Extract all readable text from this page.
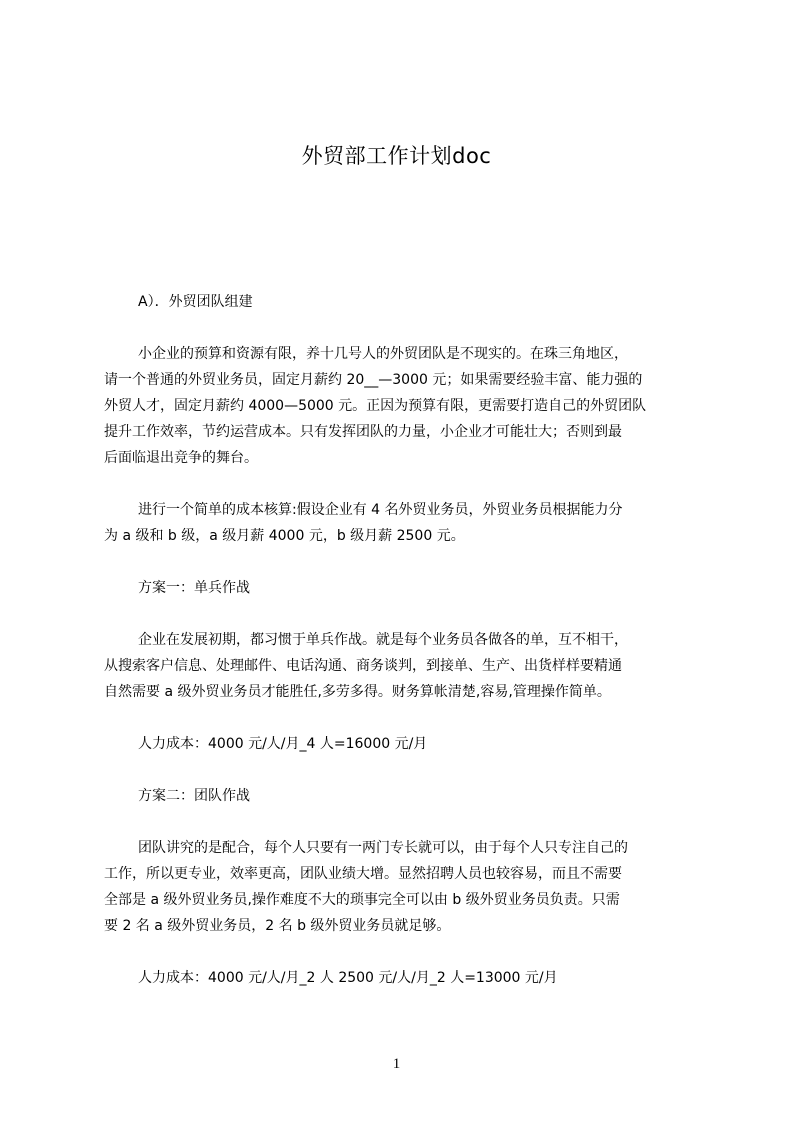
外贸部工作计划doc
A）．外贸团队组建
小企业的预算和资源有限，养十几号人的外贸团队是不现实的。在珠三角地区，
请一个普通的外贸业务员，固定月薪约 20__—3000 元；如果需要经验丰富、能力强的
外贸人才，固定月薪约 4000—5000 元。正因为预算有限，更需要打造自己的外贸团队
提升工作效率，节约运营成本。只有发挥团队的力量，小企业才可能壮大；否则到最
后面临退出竞争的舞台。
进行一个简单的成本核算:假设企业有 4 名外贸业务员，外贸业务员根据能力分
为 a 级和 b 级，a 级月薪 4000 元，b 级月薪 2500 元。
方案一：单兵作战
企业在发展初期，都习惯于单兵作战。就是每个业务员各做各的单，互不相干，
从搜索客户信息、处理邮件、电话沟通、商务谈判，到接单、生产、出货样样要精通
自然需要 a 级外贸业务员才能胜任,多劳多得。财务算帐清楚,容易,管理操作简单。
人力成本：4000 元/人/月_4 人=16000 元/月
方案二：团队作战
团队讲究的是配合，每个人只要有一两门专长就可以，由于每个人只专注自己的
工作，所以更专业，效率更高，团队业绩大增。显然招聘人员也较容易，而且不需要
全部是 a 级外贸业务员,操作难度不大的琐事完全可以由 b 级外贸业务员负责。只需
要 2 名 a 级外贸业务员，2 名 b 级外贸业务员就足够。
人力成本：4000 元/人/月_2 人 2500 元/人/月_2 人=13000 元/月
1
